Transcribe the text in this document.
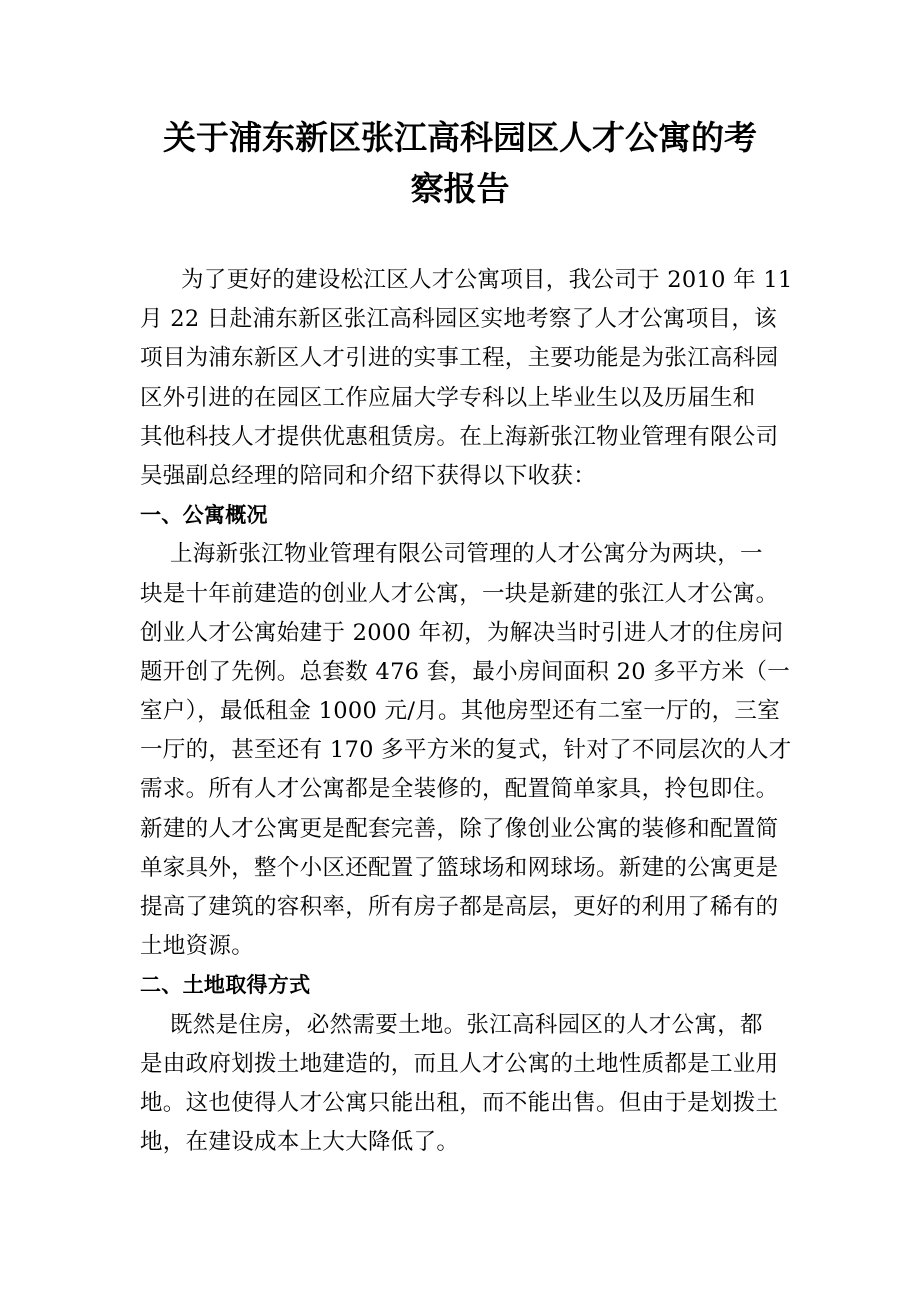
关于浦东新区张江高科园区人才公寓的考
察报告
为了更好的建设松江区人才公寓项目，我公司于 2010 年 11
月 22 日赴浦东新区张江高科园区实地考察了人才公寓项目，该
项目为浦东新区人才引进的实事工程，主要功能是为张江高科园
区外引进的在园区工作应届大学专科以上毕业生以及历届生和
其他科技人才提供优惠租赁房。在上海新张江物业管理有限公司
吴强副总经理的陪同和介绍下获得以下收获：
一、公寓概况
上海新张江物业管理有限公司管理的人才公寓分为两块，一
块是十年前建造的创业人才公寓，一块是新建的张江人才公寓。
创业人才公寓始建于 2000 年初，为解决当时引进人才的住房问
题开创了先例。总套数 476 套，最小房间面积 20 多平方米（一
室户），最低租金 1000 元/月。其他房型还有二室一厅的，三室
一厅的，甚至还有 170 多平方米的复式，针对了不同层次的人才
需求。所有人才公寓都是全装修的，配置简单家具，拎包即住。
新建的人才公寓更是配套完善，除了像创业公寓的装修和配置简
单家具外，整个小区还配置了篮球场和网球场。新建的公寓更是
提高了建筑的容积率，所有房子都是高层，更好的利用了稀有的
土地资源。
二、土地取得方式
既然是住房，必然需要土地。张江高科园区的人才公寓，都
是由政府划拨土地建造的，而且人才公寓的土地性质都是工业用
地。这也使得人才公寓只能出租，而不能出售。但由于是划拨土
地，在建设成本上大大降低了。
